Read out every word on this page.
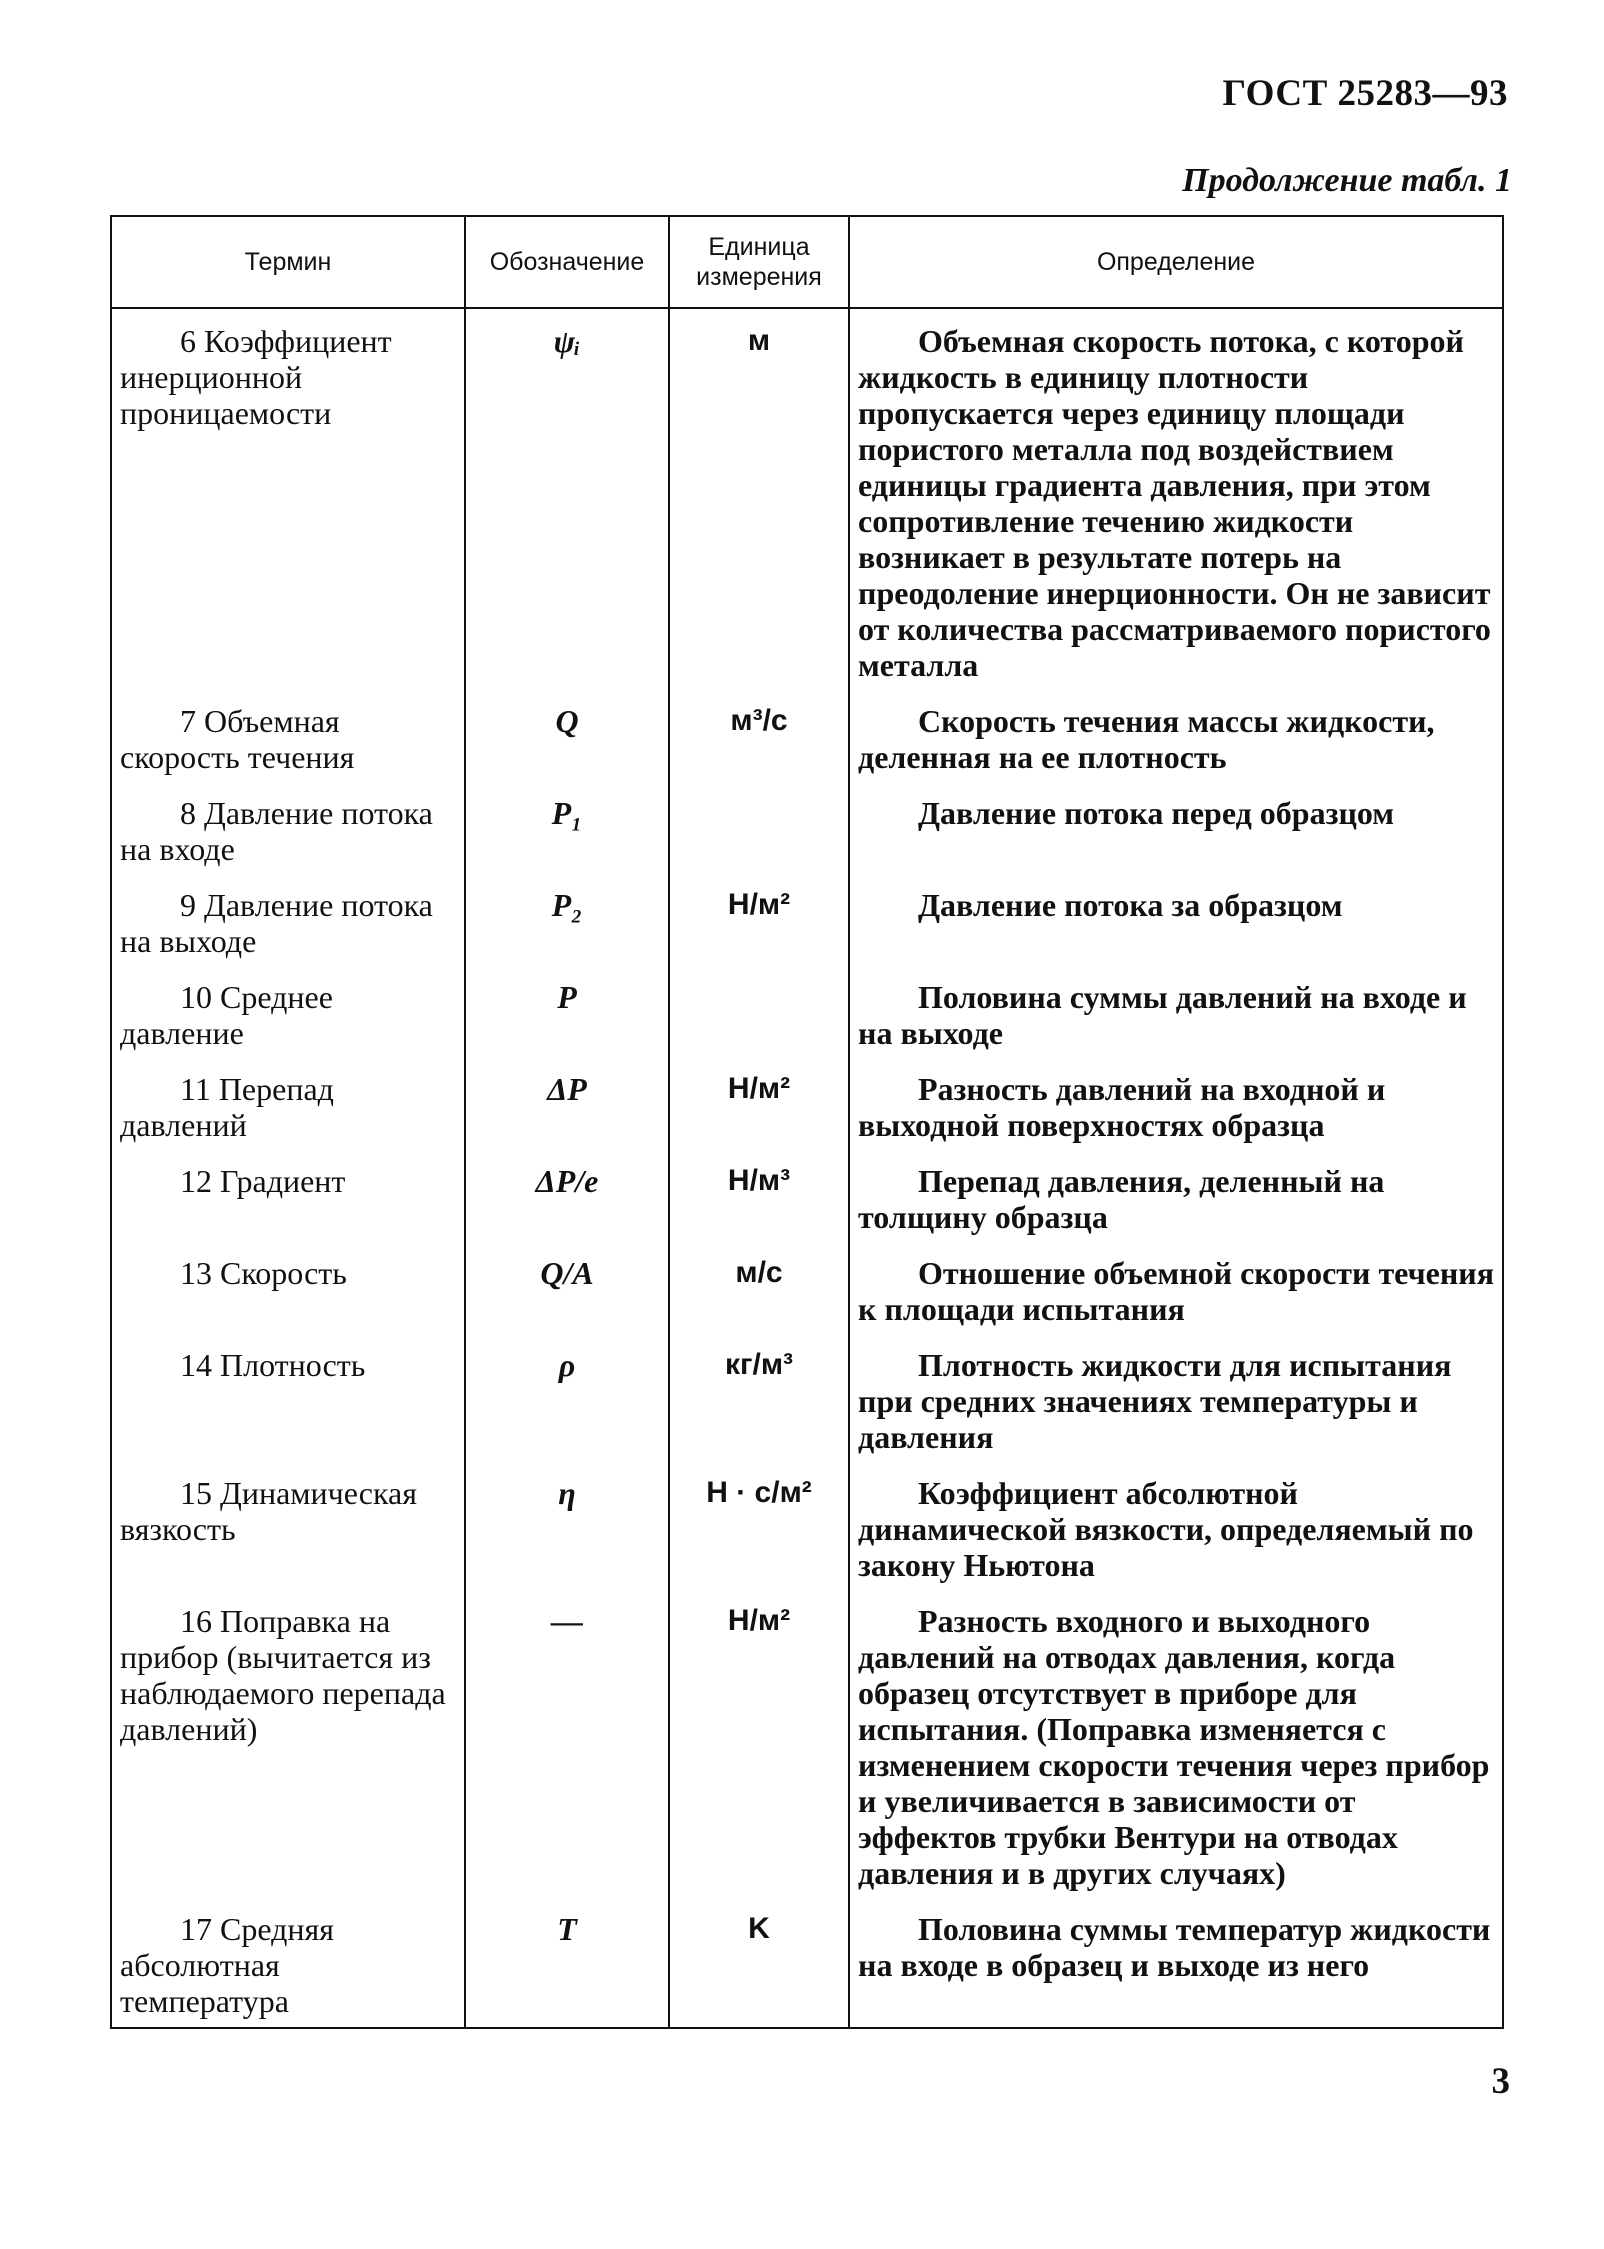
ГОСТ 25283—93
Продолжение табл. 1
Термин	Обозначение	Единица измерения	Определение

6 Коэффициент инерционной проницаемости	ψᵢ	м	Объемная скорость потока, с которой жидкость в единицу плотности пропускается через единицу площади пористого металла под воздействием единицы градиента давления, при этом сопротивление течению жидкости возникает в результате потерь на преодоление инерционности. Он не зависит от количества рассматриваемого пористого металла

7 Объемная скорость течения	Q	м³/с	Скорость течения массы жидкости, деленная на ее плотность

8 Давление потока на входе	P₁		Давление потока перед образцом

9 Давление потока на выходе	P₂	Н/м²	Давление потока за образцом

10 Среднее давление	P		Половина суммы давлений на входе и на выходе

11 Перепад давлений	ΔP	Н/м²	Разность давлений на входной и выходной поверхностях образца

12 Градиент	ΔP/e	Н/м³	Перепад давления, деленный на толщину образца

13 Скорость	Q/A	м/с	Отношение объемной скорости течения к площади испытания

14 Плотность	ρ	кг/м³	Плотность жидкости для испытания при средних значениях температуры и давления

15 Динамическая вязкость	η	Н · с/м²	Коэффициент абсолютной динамической вязкости, определяемый по закону Ньютона

16 Поправка на прибор (вычитается из наблюдаемого перепада давлений)	—	Н/м²	Разность входного и выходного давлений на отводах давления, когда образец отсутствует в приборе для испытания. (Поправка изменяется с изменением скорости течения через прибор и увеличивается в зависимости от эффектов трубки Вентури на отводах давления и в других случаях)

17 Средняя абсолютная температура	T	K	Половина суммы температур жидкости на входе в образец и выходе из него
3
